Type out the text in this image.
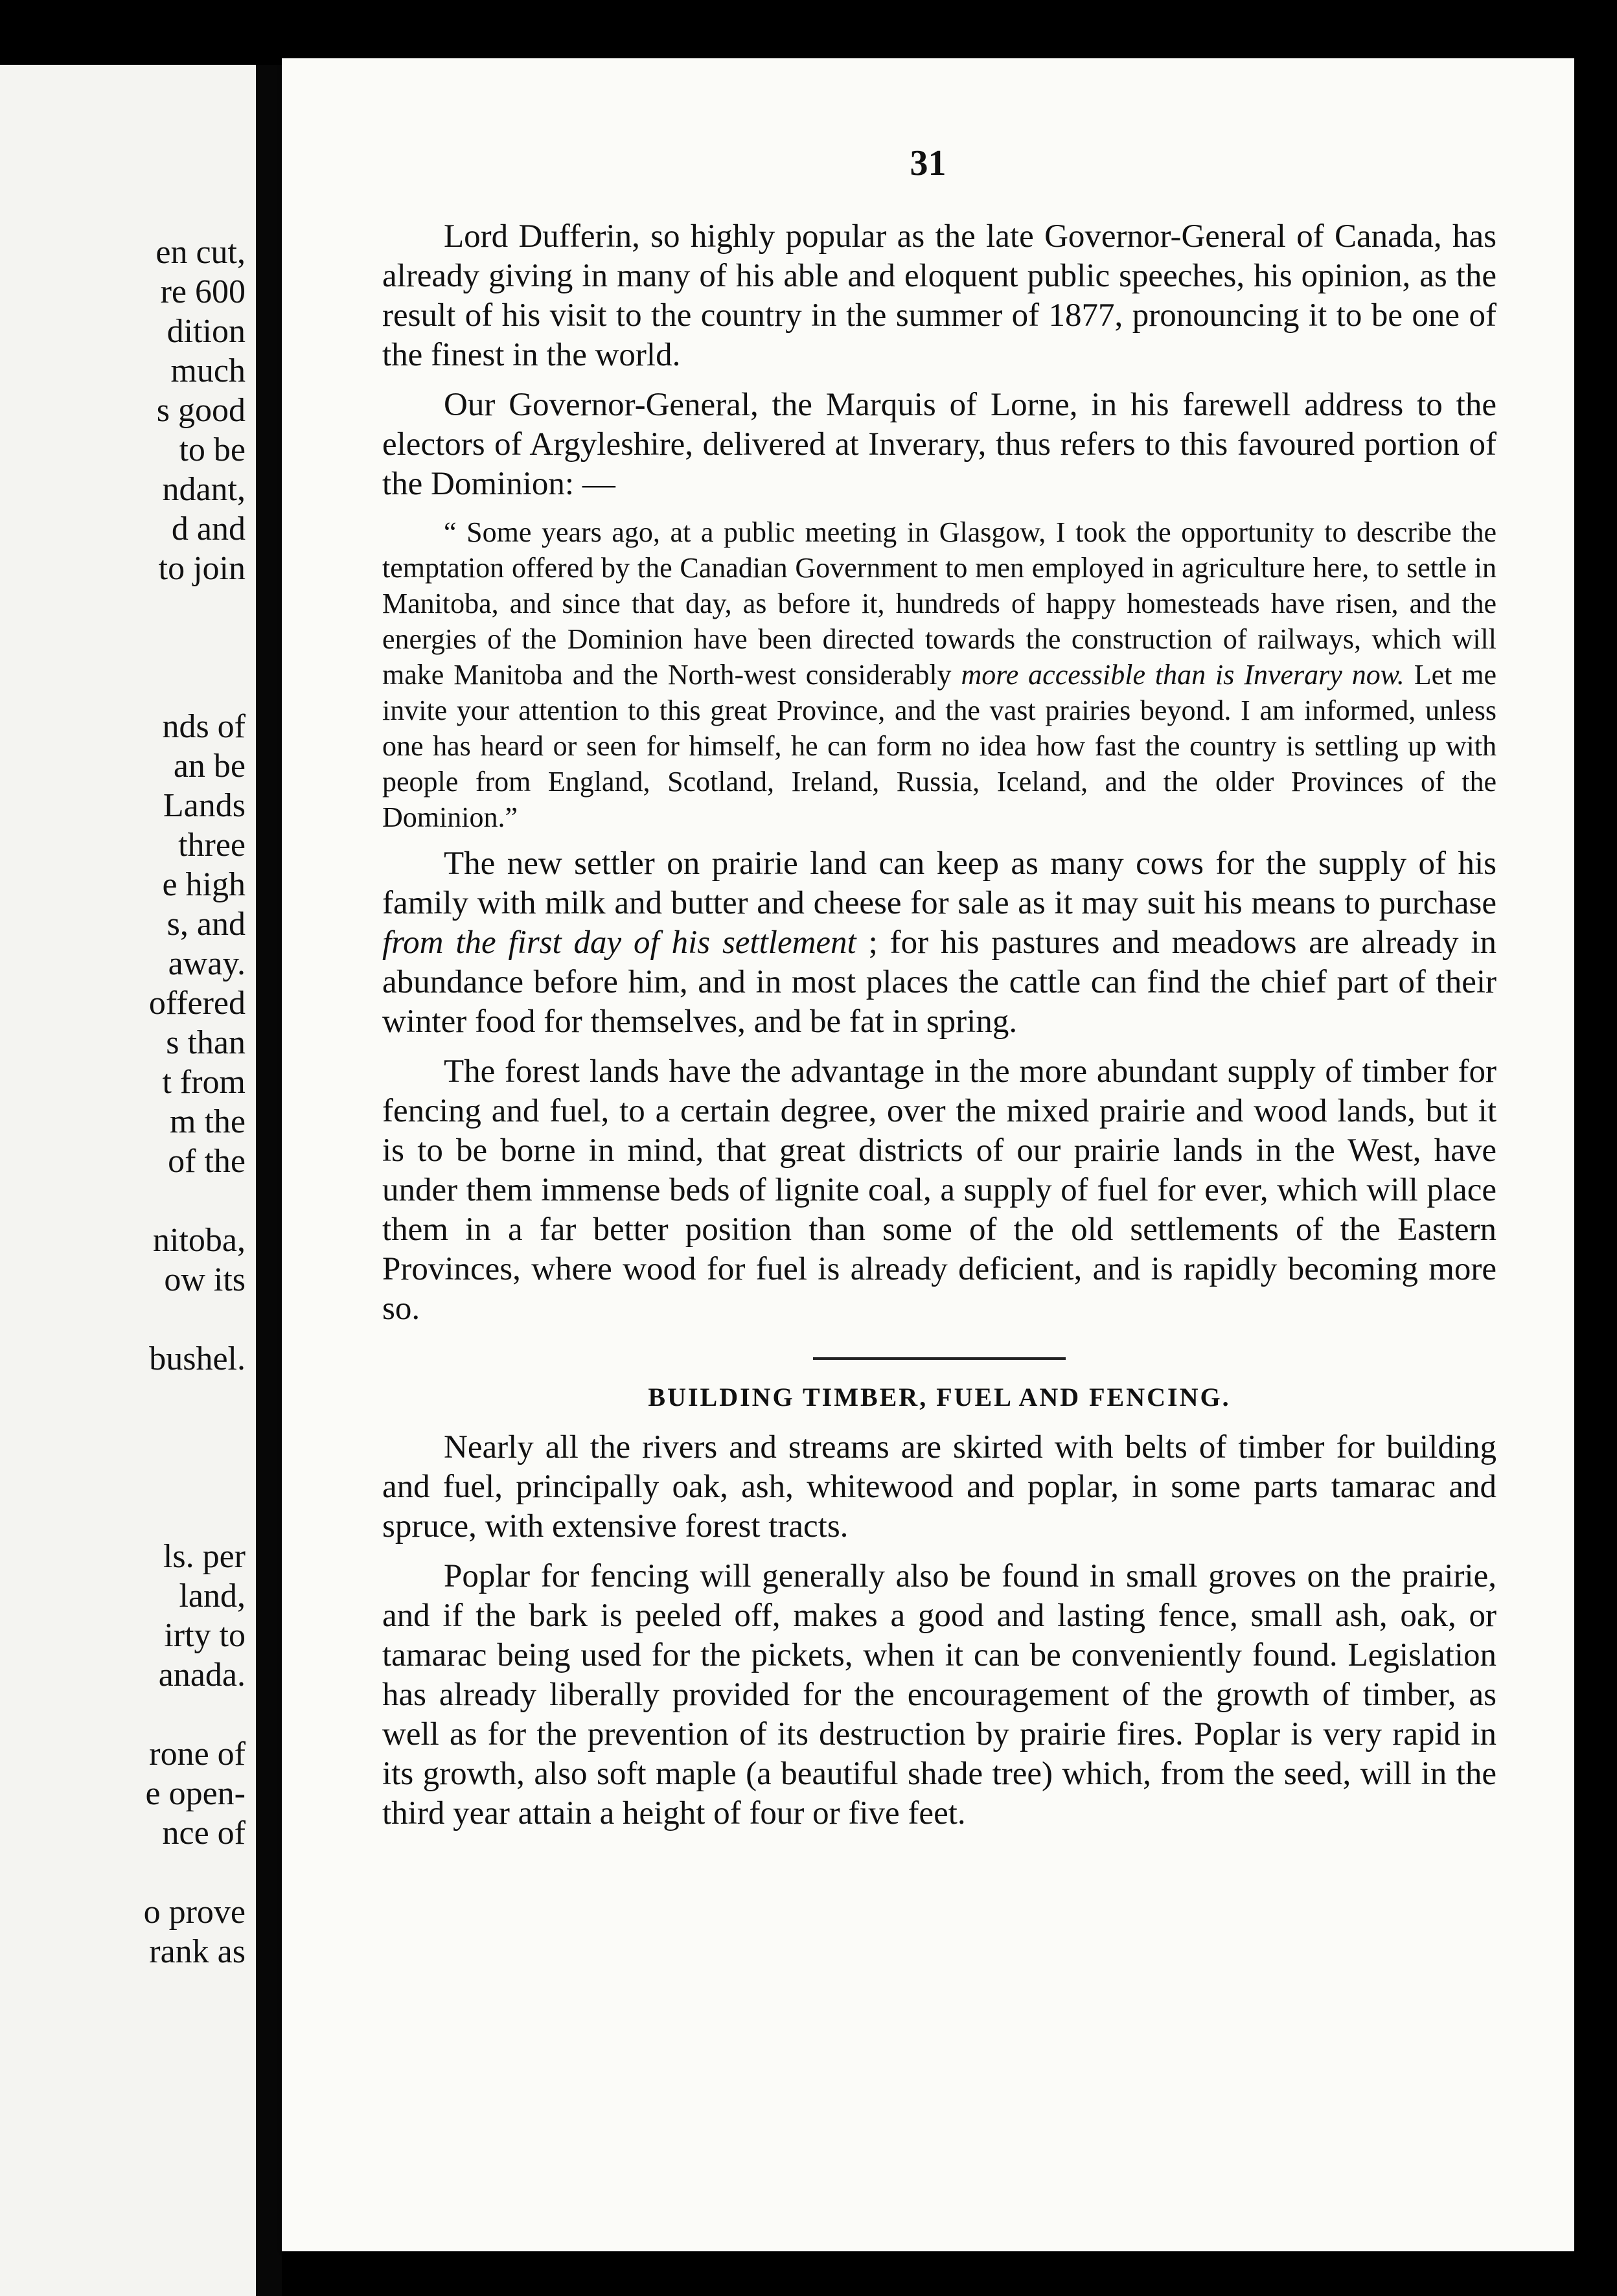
en cut,
re 600
dition
much
s good
to be
ndant,
d and
to join
nds of
an be
Lands
three
e high
s, and
away.
offered
s than
t from
m the
of the
nitoba,
ow its
bushel.
ls. per
land,
irty to
anada.
rone of
e open-
nce of
o prove
rank as
31

Lord Dufferin, so highly popular as the late Governor-General of Canada, has already giving in many of his able and eloquent public speeches, his opinion, as the result of his visit to the country in the summer of 1877, pronouncing it to be one of the finest in the world.

Our Governor-General, the Marquis of Lorne, in his farewell address to the electors of Argyleshire, delivered at Inverary, thus refers to this favoured portion of the Dominion: —

“ Some years ago, at a public meeting in Glasgow, I took the opportunity to describe the temptation offered by the Canadian Government to men employed in agriculture here, to settle in Manitoba, and since that day, as before it, hundreds of happy homesteads have risen, and the energies of the Dominion have been directed towards the construction of railways, which will make Manitoba and the North-west considerably more accessible than is Inverary now. Let me invite your attention to this great Province, and the vast prairies beyond. I am informed, unless one has heard or seen for himself, he can form no idea how fast the country is settling up with people from England, Scotland, Ireland, Russia, Iceland, and the older Provinces of the Dominion.”

The new settler on prairie land can keep as many cows for the supply of his family with milk and butter and cheese for sale as it may suit his means to purchase from the first day of his settlement ; for his pastures and meadows are already in abundance before him, and in most places the cattle can find the chief part of their winter food for themselves, and be fat in spring.

The forest lands have the advantage in the more abundant supply of timber for fencing and fuel, to a certain degree, over the mixed prairie and wood lands, but it is to be borne in mind, that great districts of our prairie lands in the West, have under them immense beds of lignite coal, a supply of fuel for ever, which will place them in a far better position than some of the old settlements of the Eastern Provinces, where wood for fuel is already deficient, and is rapidly becoming more so.

BUILDING TIMBER, FUEL AND FENCING.

Nearly all the rivers and streams are skirted with belts of timber for building and fuel, principally oak, ash, whitewood and poplar, in some parts tamarac and spruce, with extensive forest tracts.

Poplar for fencing will generally also be found in small groves on the prairie, and if the bark is peeled off, makes a good and lasting fence, small ash, oak, or tamarac being used for the pickets, when it can be conveniently found. Legislation has already liberally provided for the encouragement of the growth of timber, as well as for the prevention of its destruction by prairie fires. Poplar is very rapid in its growth, also soft maple (a beautiful shade tree) which, from the seed, will in the third year attain a height of four or five feet.
